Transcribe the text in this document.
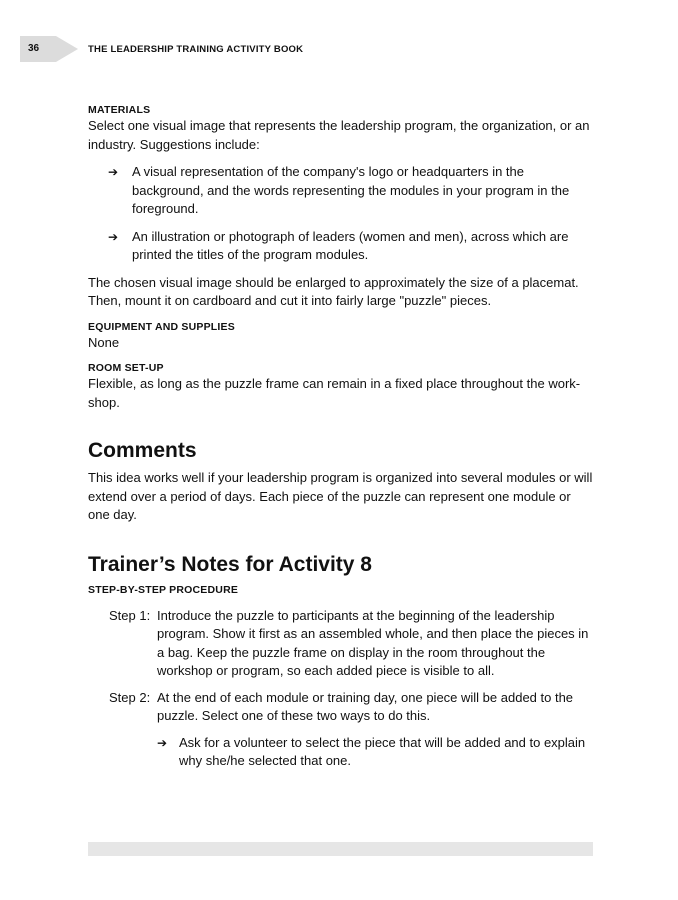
36	THE LEADERSHIP TRAINING ACTIVITY BOOK
MATERIALS

Select one visual image that represents the leadership program, the organization, or an industry. Suggestions include:

➔ A visual representation of the company's logo or headquarters in the background, and the words representing the modules in your program in the foreground.
➔ An illustration or photograph of leaders (women and men), across which are printed the titles of the program modules.

The chosen visual image should be enlarged to approximately the size of a placemat. Then, mount it on cardboard and cut it into fairly large "puzzle" pieces.

EQUIPMENT AND SUPPLIES

None

ROOM SET-UP

Flexible, as long as the puzzle frame can remain in a fixed place throughout the work-shop.

Comments

This idea works well if your leadership program is organized into several modules or will extend over a period of days. Each piece of the puzzle can represent one module or one day.

Trainer’s Notes for Activity 8
STEP-BY-STEP PROCEDURE
Step 1: Introduce the puzzle to participants at the beginning of the leadership program. Show it first as an assembled whole, and then place the pieces in a bag. Keep the puzzle frame on display in the room throughout the workshop or program, so each added piece is visible to all.
Step 2: At the end of each module or training day, one piece will be added to the puzzle. Select one of these two ways to do this.
➔ Ask for a volunteer to select the piece that will be added and to explain why she/he selected that one.
